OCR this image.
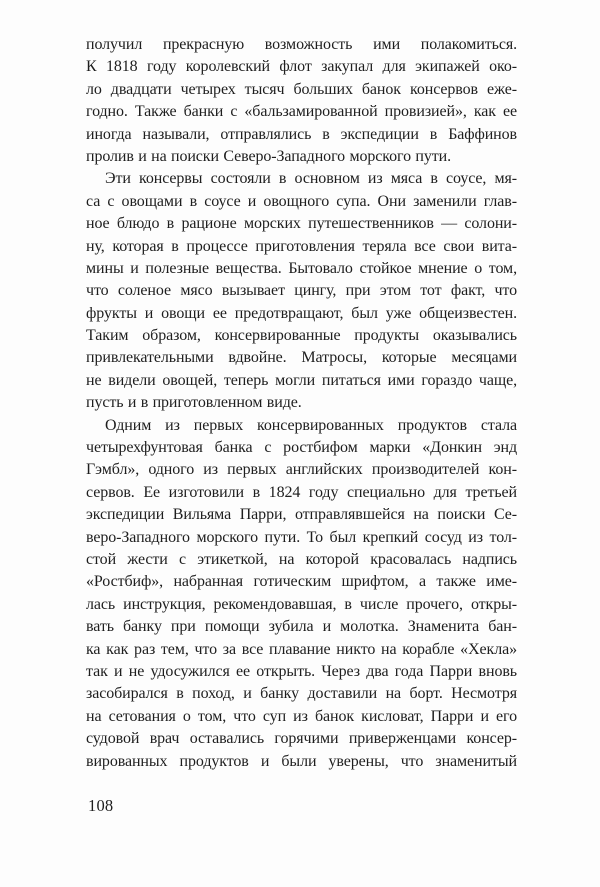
получил прекрасную возможность ими полакомиться.
К 1818 году королевский флот закупал для экипажей око-
ло двадцати четырех тысяч больших банок консервов еже-
годно. Также банки с «бальзамированной провизией», как ее
иногда называли, отправлялись в экспедиции в Баффинов
пролив и на поиски Северо-Западного морского пути.
Эти консервы состояли в основном из мяса в соусе, мя-
са с овощами в соусе и овощного супа. Они заменили глав-
ное блюдо в рационе морских путешественников — солони-
ну, которая в процессе приготовления теряла все свои вита-
мины и полезные вещества. Бытовало стойкое мнение о том,
что соленое мясо вызывает цингу, при этом тот факт, что
фрукты и овощи ее предотвращают, был уже общеизвестен.
Таким образом, консервированные продукты оказывались
привлекательными вдвойне. Матросы, которые месяцами
не видели овощей, теперь могли питаться ими гораздо чаще,
пусть и в приготовленном виде.
Одним из первых консервированных продуктов стала
четырехфунтовая банка с ростбифом марки «Донкин энд
Гэмбл», одного из первых английских производителей кон-
сервов. Ее изготовили в 1824 году специально для третьей
экспедиции Вильяма Парри, отправлявшейся на поиски Се-
веро-Западного морского пути. То был крепкий сосуд из тол-
стой жести с этикеткой, на которой красовалась надпись
«Ростбиф», набранная готическим шрифтом, а также име-
лась инструкция, рекомендовавшая, в числе прочего, откры-
вать банку при помощи зубила и молотка. Знаменита бан-
ка как раз тем, что за все плавание никто на корабле «Хекла»
так и не удосужился ее открыть. Через два года Парри вновь
засобирался в поход, и банку доставили на борт. Несмотря
на сетования о том, что суп из банок кисловат, Парри и его
судовой врач оставались горячими приверженцами консер-
вированных продуктов и были уверены, что знаменитый
108
